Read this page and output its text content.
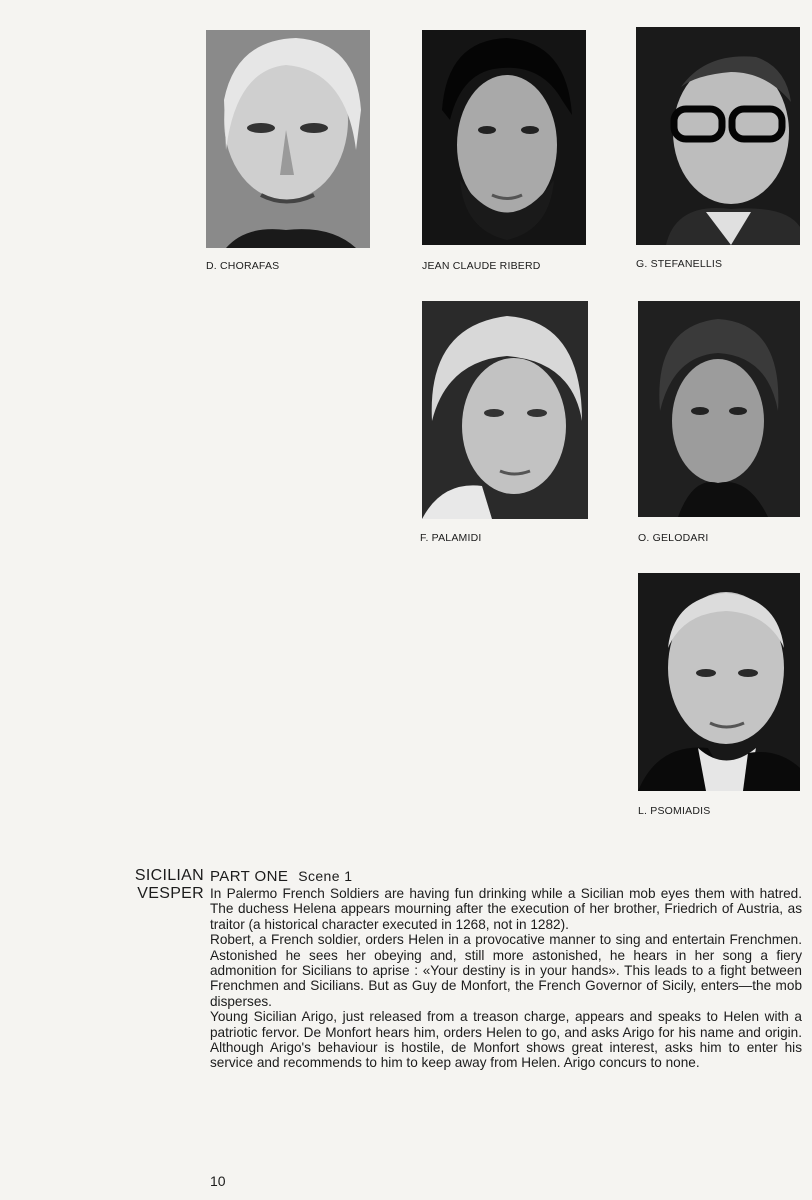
D. CHORAFAS	JEAN CLAUDE RIBERD	G. STEFANELLIS
F. PALAMIDI	O. GELODARI
L. PSOMIADIS
SICILIAN
VESPER
PART ONE Scene 1

In Palermo French Soldiers are having fun drinking while a Sicilian mob eyes them with hatred. The duchess Helena appears mourning after the execution of her brother, Friedrich of Austria, as traitor (a historical character executed in 1268, not in 1282).

Robert, a French soldier, orders Helen in a provocative manner to sing and entertain Frenchmen. Astonished he sees her obeying and, still more astonished, he hears in her song a fiery admonition for Sicilians to aprise : «Your destiny is in your hands». This leads to a fight between Frenchmen and Sicilians. But as Guy de Monfort, the French Governor of Sicily, enters—the mob disperses.

Young Sicilian Arigo, just released from a treason charge, appears and speaks to Helen with a patriotic fervor. De Monfort hears him, orders Helen to go, and asks Arigo for his name and origin. Although Arigo's behaviour is hostile, de Monfort shows great interest, asks him to enter his service and recommends to him to keep away from Helen. Arigo concurs to none.

10
